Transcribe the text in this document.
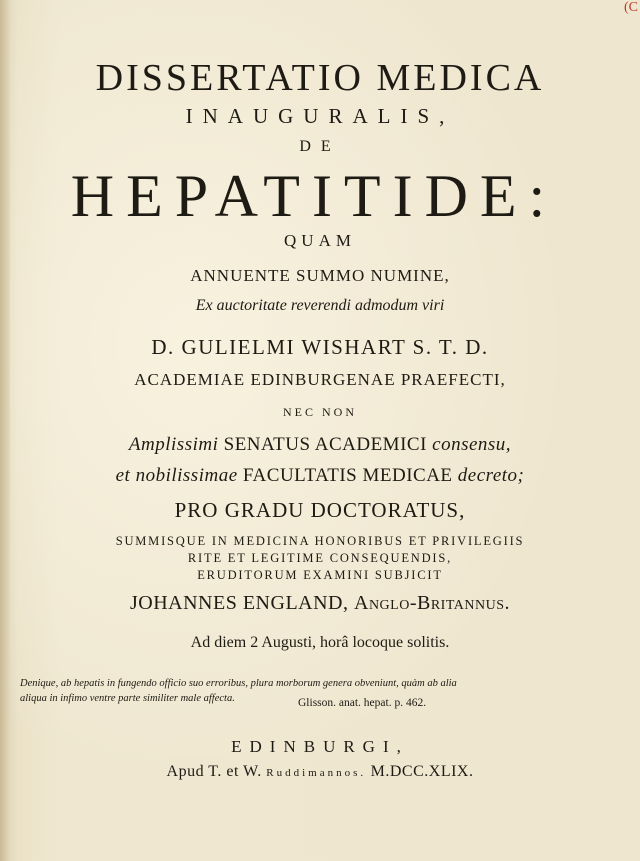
(C
DISSERTATIO MEDICA
INAUGURALIS,
DE
HEPATITIDE:
QUAM
ANNUENTE SUMMO NUMINE,
Ex auctoritate reverendi admodum viri
D. GULIELMI WISHART S. T. D.
ACADEMIAE EDINBURGENAE PRAEFECTI,
NEC NON
Amplissimi SENATUS ACADEMICI consensu,
et nobilissimae FACULTATIS MEDICAE decreto;
PRO GRADU DOCTORATUS,
SUMMISQUE IN MEDICINA HONORIBUS ET PRIVILEGIIS
RITE ET LEGITIME CONSEQUENDIS,
ERUDITORUM EXAMINI SUBJICIT
JOHANNES ENGLAND, Anglo-Britannus.
Ad diem 2 Augusti, horâ locoque solitis.
Denique, ab hepatis in fungendo officio suo erroribus, plura morborum genera obveniunt, quàm ab alia
aliqua in infimo ventre parte similiter male affecta.	Glisson. anat. hepat. p. 462.
EDINBURGI,
Apud T. et W. Ruddimannos. M.DCC.XLIX.
